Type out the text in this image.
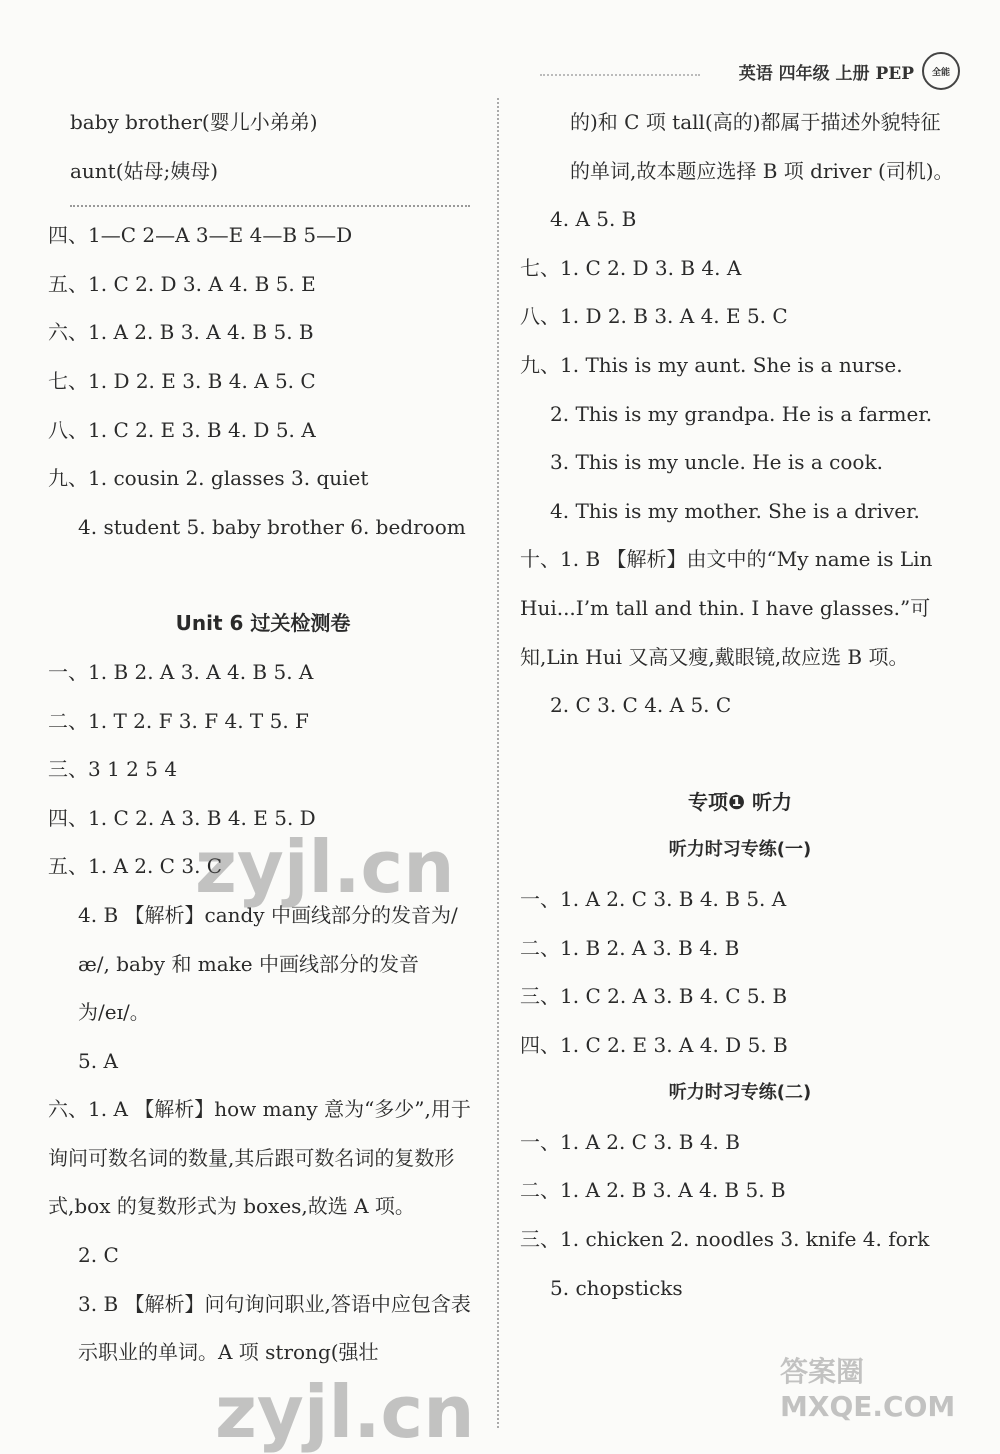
英语 四年级 上册 PEP 全能
baby brother(婴儿小弟弟)
aunt(姑母;姨母)
四、1—C 2—A 3—E 4—B 5—D
五、1. C 2. D 3. A 4. B 5. E
六、1. A 2. B 3. A 4. B 5. B
七、1. D 2. E 3. B 4. A 5. C
八、1. C 2. E 3. B 4. D 5. A
九、1. cousin 2. glasses 3. quiet
4. student 5. baby brother 6. bedroom
Unit 6 过关检测卷
一、1. B 2. A 3. A 4. B 5. A
二、1. T 2. F 3. F 4. T 5. F
三、3 1 2 5 4
四、1. C 2. A 3. B 4. E 5. D
五、1. A 2. C 3. C
4. B 【解析】candy 中画线部分的发音为/æ/, baby 和 make 中画线部分的发音为/eɪ/。
5. A
六、1. A 【解析】how many 意为“多少”,用于询问可数名词的数量,其后跟可数名词的复数形式,box 的复数形式为 boxes,故选 A 项。
2. C
3. B 【解析】问句询问职业,答语中应包含表示职业的单词。A 项 strong(强壮
的)和 C 项 tall(高的)都属于描述外貌特征的单词,故本题应选择 B 项 driver (司机)。
4. A 5. B
七、1. C 2. D 3. B 4. A
八、1. D 2. B 3. A 4. E 5. C
九、1. This is my aunt. She is a nurse.
2. This is my grandpa. He is a farmer.
3. This is my uncle. He is a cook.
4. This is my mother. She is a driver.
十、1. B 【解析】由文中的“My name is Lin Hui...I’m tall and thin. I have glasses.”可知,Lin Hui 又高又瘦,戴眼镜,故应选 B 项。
2. C 3. C 4. A 5. C
专项❶ 听力
听力时习专练(一)
一、1. A 2. C 3. B 4. B 5. A
二、1. B 2. A 3. B 4. B
三、1. C 2. A 3. B 4. C 5. B
四、1. C 2. E 3. A 4. D 5. B
听力时习专练(二)
一、1. A 2. C 3. B 4. B
二、1. A 2. B 3. A 4. B 5. B
三、1. chicken 2. noodles 3. knife 4. fork
5. chopsticks
zyjl.cn
zyjl.cn	答案圈 MXQE.COM
